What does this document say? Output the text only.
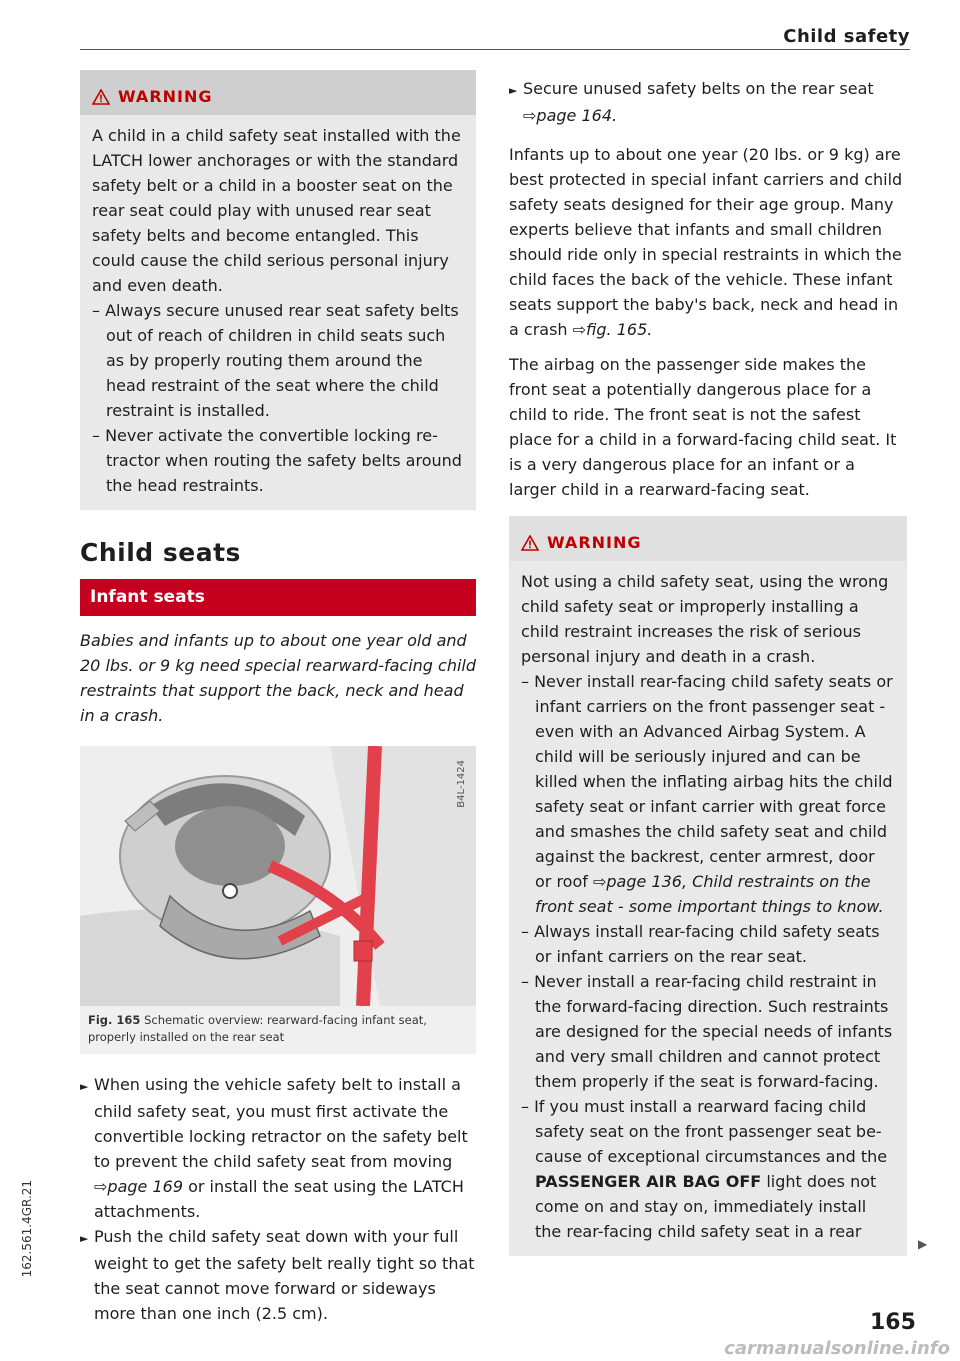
Child safety
WARNING

A child in a child safety seat installed with the LATCH lower anchorages or with the standard safety belt or a child in a booster seat on the rear seat could play with unused rear seat safety belts and become entangled. This could cause the child serious personal injury and even death.

– Always secure unused rear seat safety belts out of reach of children in child seats such as by properly routing them around the head restraint of the seat where the child restraint is installed.

– Never activate the convertible locking re-tractor when routing the safety belts around the head restraints.

Child seats
Infant seats

Babies and infants up to about one year old and 20 lbs. or 9 kg need special rearward-facing child restraints that support the back, neck and head in a crash.

B4L-1424
Fig. 165 Schematic overview: rearward-facing infant seat, properly installed on the rear seat

► When using the vehicle safety belt to install a child safety seat, you must first activate the convertible locking retractor on the safety belt to prevent the child safety seat from moving ⇨page 169 or install the seat using the LATCH attachments.

► Push the child safety seat down with your full weight to get the safety belt really tight so that the seat cannot move forward or sideways more than one inch (2.5 cm).

► Secure unused safety belts on the rear seat
⇨page 164.

Infants up to about one year (20 lbs. or 9 kg) are best protected in special infant carriers and child safety seats designed for their age group. Many experts believe that infants and small children should ride only in special restraints in which the child faces the back of the vehicle. These infant seats support the baby's back, neck and head in a crash ⇨fig. 165.

The airbag on the passenger side makes the front seat a potentially dangerous place for a child to ride. The front seat is not the safest place for a child in a forward-facing child seat. It is a very dangerous place for an infant or a larger child in a rearward-facing seat.

WARNING

Not using a child safety seat, using the wrong child safety seat or improperly installing a child restraint increases the risk of serious personal injury and death in a crash.

– Never install rear-facing child safety seats or infant carriers on the front passenger seat - even with an Advanced Airbag System. A child will be seriously injured and can be killed when the inflating airbag hits the child safety seat or infant carrier with great force and smashes the child safety seat and child against the backrest, center armrest, door or roof ⇨page 136, Child restraints on the front seat - some important things to know.

– Always install rear-facing child safety seats or infant carriers on the rear seat.

– Never install a rear-facing child restraint in the forward-facing direction. Such restraints are designed for the special needs of infants and very small children and cannot protect them properly if the seat is forward-facing.

– If you must install a rearward facing child safety seat on the front passenger seat be-cause of exceptional circumstances and the PASSENGER AIR BAG OFF light does not come on and stay on, immediately install the rear-facing child safety seat in a rear

▶
165
162.561.4GR.21
carmanualsonline.info
